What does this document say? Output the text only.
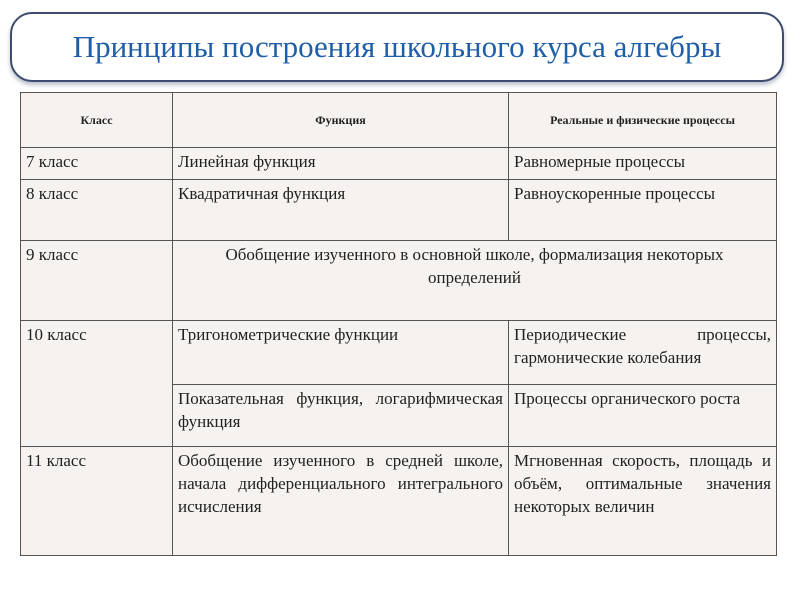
Принципы построения школьного курса алгебры
Класс	Функция	Реальные и физические процессы
7 класс	Линейная функция	Равномерные процессы
8 класс	Квадратичная функция	Равноускоренные процессы
9 класс	Обобщение изученного в основной школе, формализация некоторых определений	
10 класс	Тригонометрические функции	Периодические процессы, гармонические колебания
	Показательная функция, логарифмическая функция	Процессы органического роста
11 класс	Обобщение изученного в средней школе, начала дифференциального интегрального исчисления	Мгновенная скорость, площадь и объём, оптимальные значения некоторых величин
